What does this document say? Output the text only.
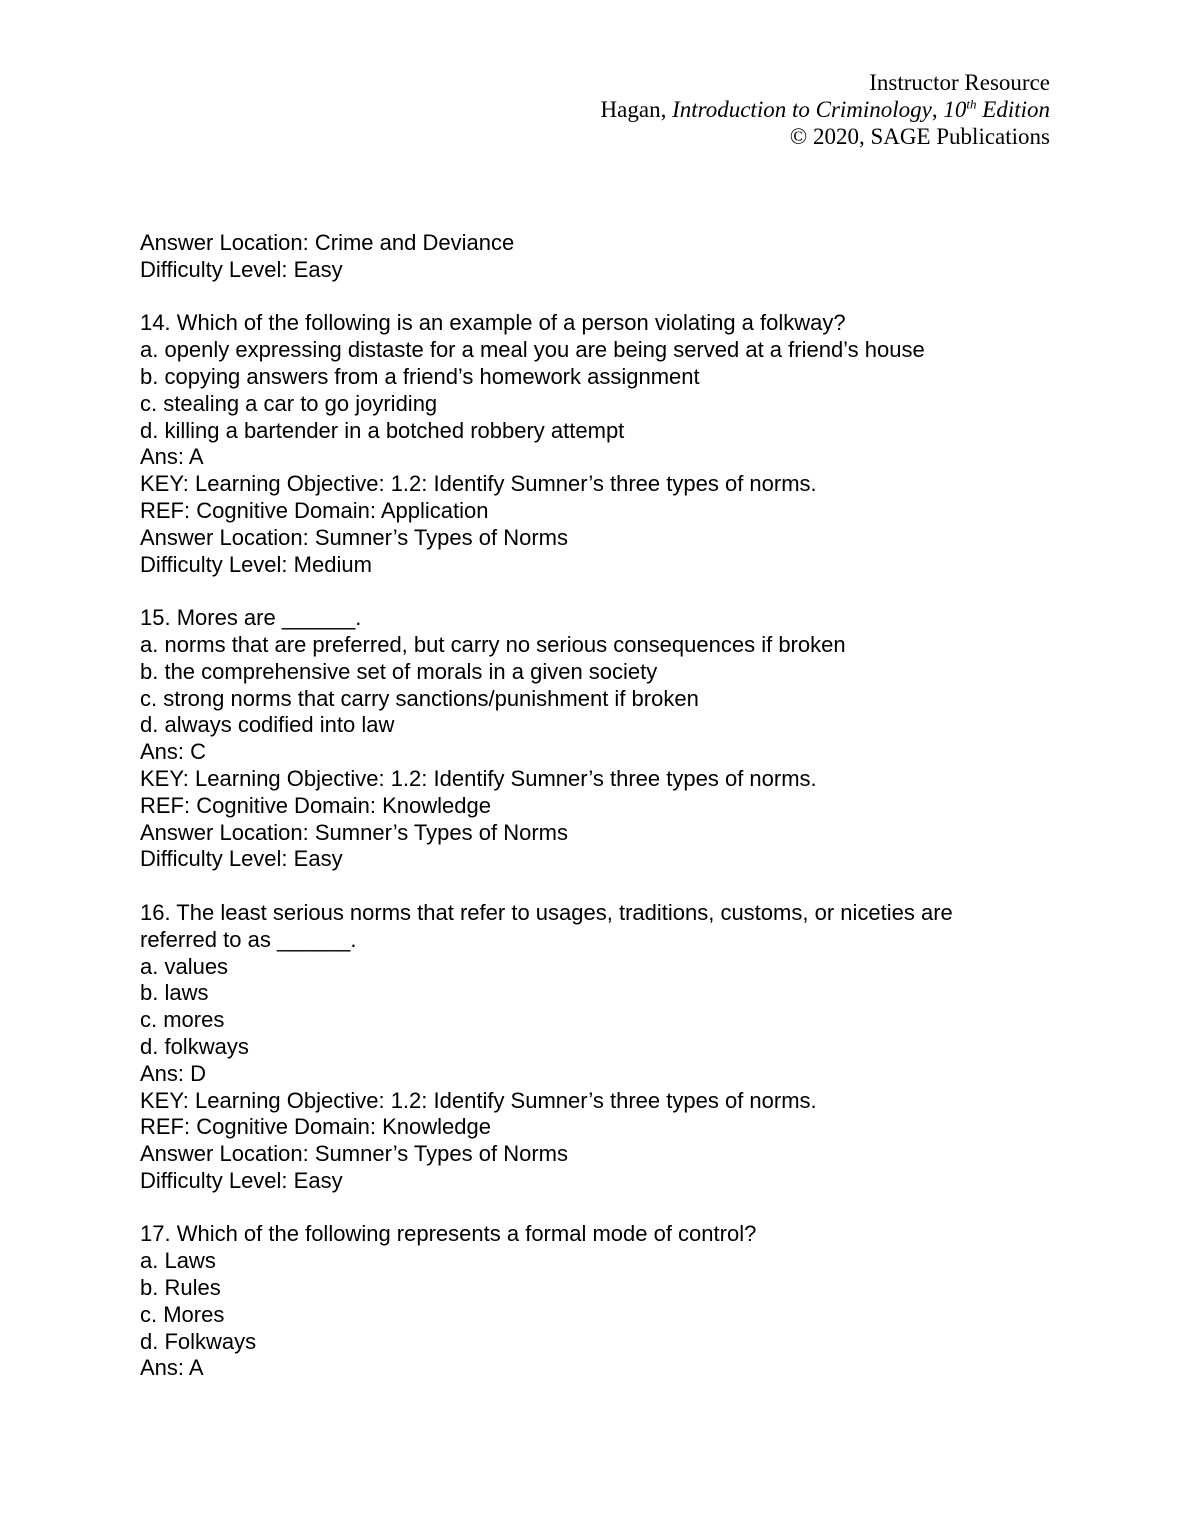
Instructor Resource
Hagan, Introduction to Criminology, 10th Edition
© 2020, SAGE Publications
Answer Location: Crime and Deviance
Difficulty Level: Easy
14. Which of the following is an example of a person violating a folkway?
a. openly expressing distaste for a meal you are being served at a friend’s house
b. copying answers from a friend’s homework assignment
c. stealing a car to go joyriding
d. killing a bartender in a botched robbery attempt
Ans: A
KEY: Learning Objective: 1.2: Identify Sumner’s three types of norms.
REF: Cognitive Domain: Application
Answer Location: Sumner’s Types of Norms
Difficulty Level: Medium
15. Mores are ______.
a. norms that are preferred, but carry no serious consequences if broken
b. the comprehensive set of morals in a given society
c. strong norms that carry sanctions/punishment if broken
d. always codified into law
Ans: C
KEY: Learning Objective: 1.2: Identify Sumner’s three types of norms.
REF: Cognitive Domain: Knowledge
Answer Location: Sumner’s Types of Norms
Difficulty Level: Easy
16. The least serious norms that refer to usages, traditions, customs, or niceties are
referred to as ______.
a. values
b. laws
c. mores
d. folkways
Ans: D
KEY: Learning Objective: 1.2: Identify Sumner’s three types of norms.
REF: Cognitive Domain: Knowledge
Answer Location: Sumner’s Types of Norms
Difficulty Level: Easy
17. Which of the following represents a formal mode of control?
a. Laws
b. Rules
c. Mores
d. Folkways
Ans: A
